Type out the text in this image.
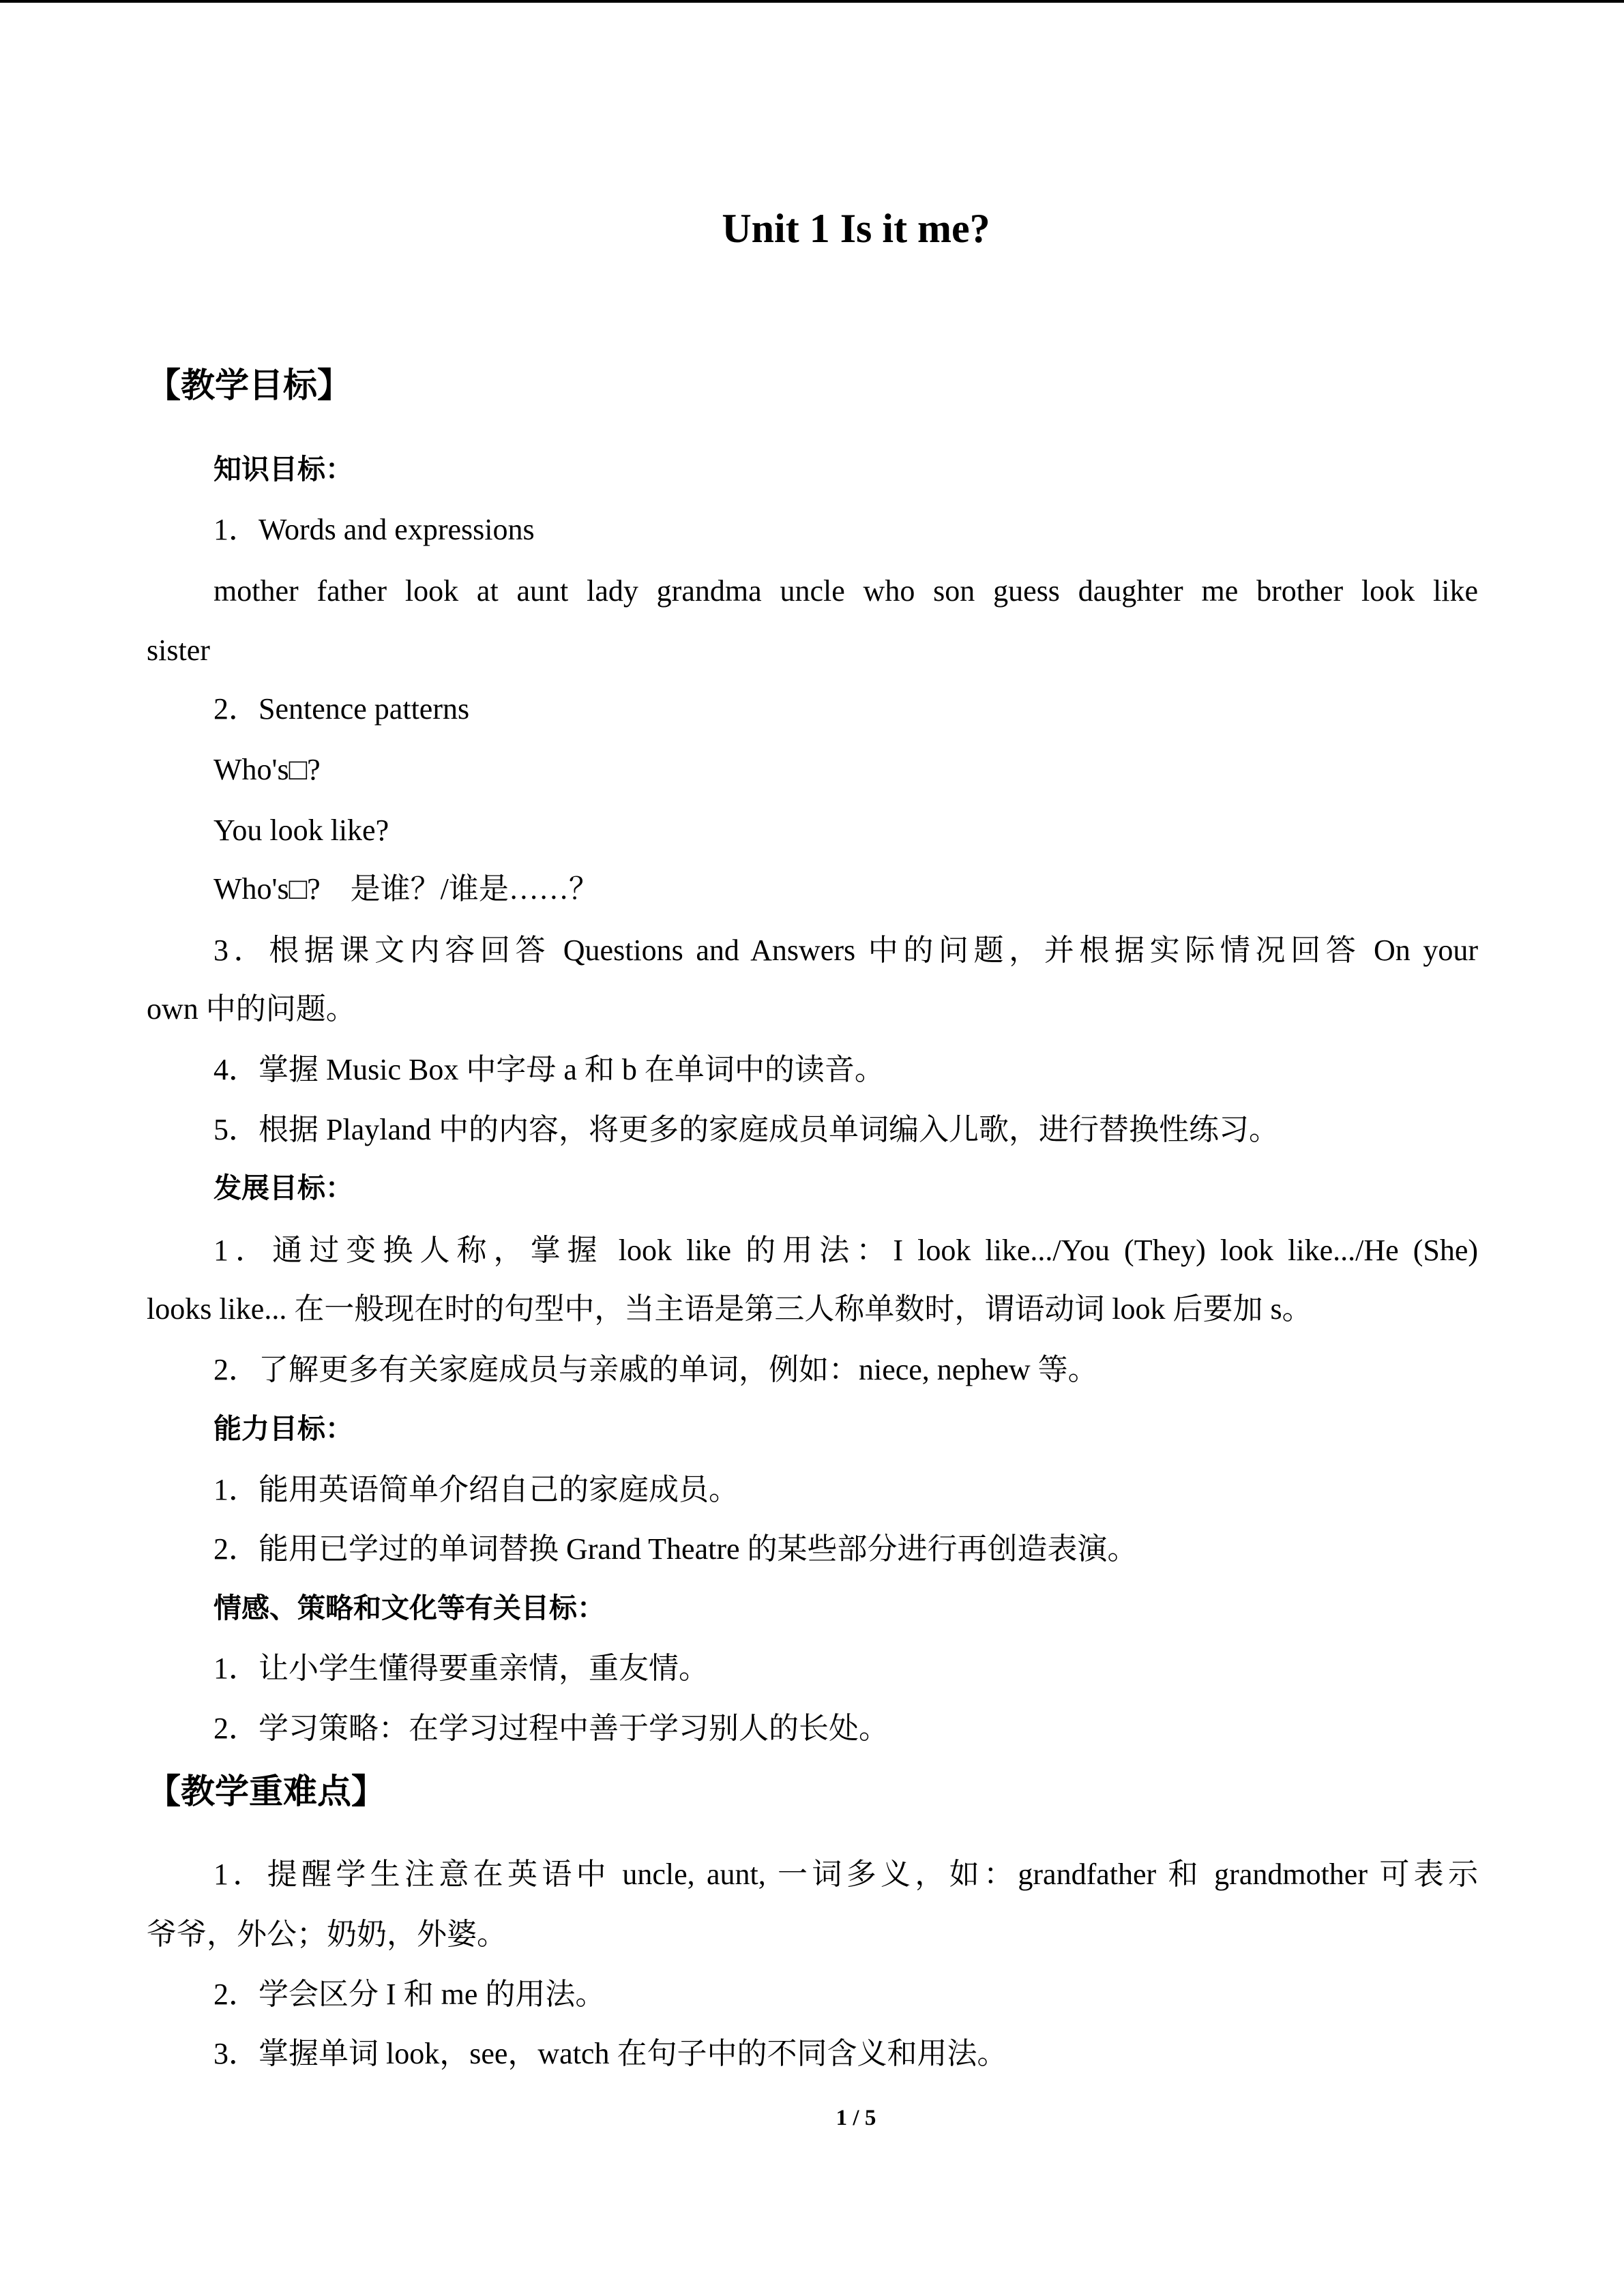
Unit 1 Is it me?
【教学目标】
知识目标：

1．Words and expressions

mother father look at aunt lady grandma uncle who son guess daughter me brother look like

sister

2．Sentence patterns

Who's□?

You look like?

Who's□?　是谁？/谁是……？

3．根据课文内容回答 Questions and Answers 中的问题，并根据实际情况回答 On your

own 中的问题。

4．掌握 Music Box 中字母 a 和 b 在单词中的读音。

5．根据 Playland 中的内容，将更多的家庭成员单词编入儿歌，进行替换性练习。

发展目标：

1．通过变换人称，掌握 look like 的用法：I look like.../You (They) look like.../He (She)

looks like... 在一般现在时的句型中，当主语是第三人称单数时，谓语动词 look 后要加 s。

2．了解更多有关家庭成员与亲戚的单词，例如：niece, nephew 等。

能力目标：

1．能用英语简单介绍自己的家庭成员。

2．能用已学过的单词替换 Grand Theatre 的某些部分进行再创造表演。

情感、策略和文化等有关目标：

1．让小学生懂得要重亲情，重友情。

2．学习策略：在学习过程中善于学习别人的长处。

【教学重难点】

1．提醒学生注意在英语中 uncle, aunt, 一词多义，如：grandfather 和 grandmother 可表示

爷爷，外公；奶奶，外婆。

2．学会区分 I 和 me 的用法。

3．掌握单词 look，see，watch 在句子中的不同含义和用法。

1 / 5
